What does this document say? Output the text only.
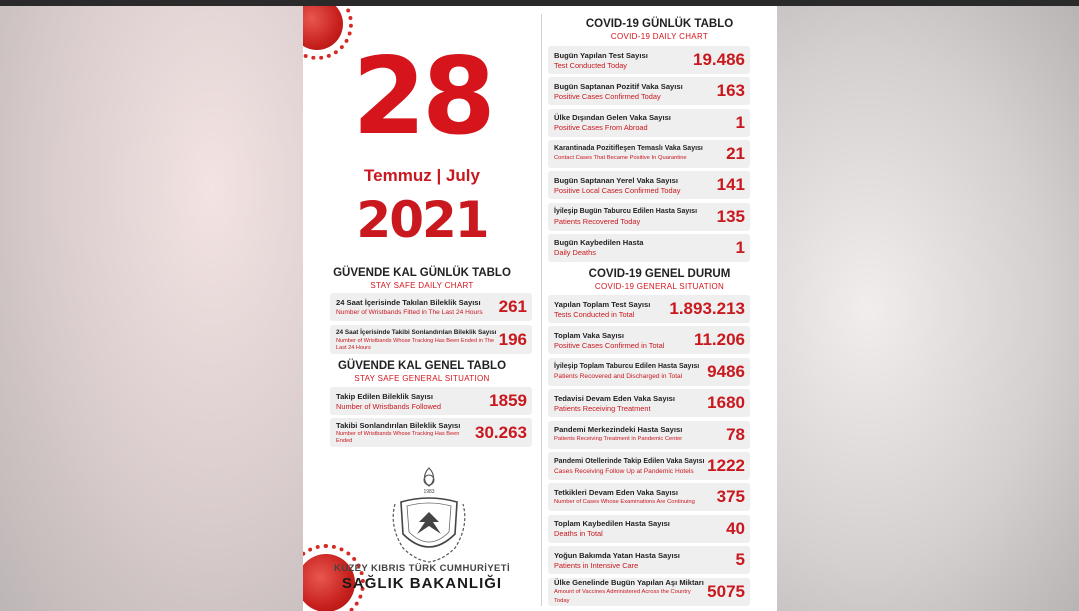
28
Temmuz | July
2021
GÜVENDE KAL GÜNLÜK TABLO
STAY SAFE DAILY CHART
24 Saat İçerisinde Takılan Bileklik Sayısı
Number of Wristbands Fitted in The Last 24 Hours 261
24 Saat İçerisinde Takibi Sonlandırılan Bileklik Sayısı
Number of Wristbands Whose Tracking Has Been Ended in The Last 24 Hours	196
GÜVENDE KAL GENEL TABLO
STAY SAFE GENERAL SITUATION
Takip Edilen Bileklik Sayısı
Number of Wristbands Followed	1859
Takibi Sonlandırılan Bileklik Sayısı
Number of Wristbands Whose Tracking Has Been Ended	30.263
1983
KUZEY KIBRIS TÜRK CUMHURİYETİ
SAĞLIK BAKANLIĞI
COVID-19 GÜNLÜK TABLO
COVID-19 DAILY CHART
Bugün Yapılan Test Sayısı
Test Conducted Today	19.486
Bugün Saptanan Pozitif Vaka Sayısı
Positive Cases Confirmed Today	163
Ülke Dışından Gelen Vaka Sayısı
Positive Cases From Abroad	1
Karantinada Pozitifleşen Temaslı Vaka Sayısı
Contact Cases That Became Positive In Quarantine	21
Bugün Saptanan Yerel Vaka Sayısı
Positive Local Cases Confirmed Today	141
İyileşip Bugün Taburcu Edilen Hasta Sayısı
Patients Recovered Today	135
Bugün Kaybedilen Hasta
Daily Deaths	1
COVID-19 GENEL DURUM
COVID-19 GENERAL SITUATION
Yapılan Toplam Test Sayısı
Tests Conducted in Total	1.893.213
Toplam Vaka Sayısı
Positive Cases Confirmed in Total	11.206
İyileşip Toplam Taburcu Edilen Hasta Sayısı
Patients Recovered and Discharged in Total	9486
Tedavisi Devam Eden Vaka Sayısı
Patients Receiving Treatment	1680
Pandemi Merkezindeki Hasta Sayısı
Patients Receiving Treatment in Pandemic Center	78
Pandemi Otellerinde Takip Edilen Vaka Sayısı
Cases Receiving Follow Up at Pandemic Hotels 1222
Tetkikleri Devam Eden Vaka Sayısı
Number of Cases Whose Examinations Are Continuing	375
Toplam Kaybedilen Hasta Sayısı
Deaths in Total	40
Yoğun Bakımda Yatan Hasta Sayısı
Patients in Intensive Care	5
Ülke Genelinde Bugün Yapılan Aşı Miktarı
Amount of Vaccines Administered Across the Country Today	5075
